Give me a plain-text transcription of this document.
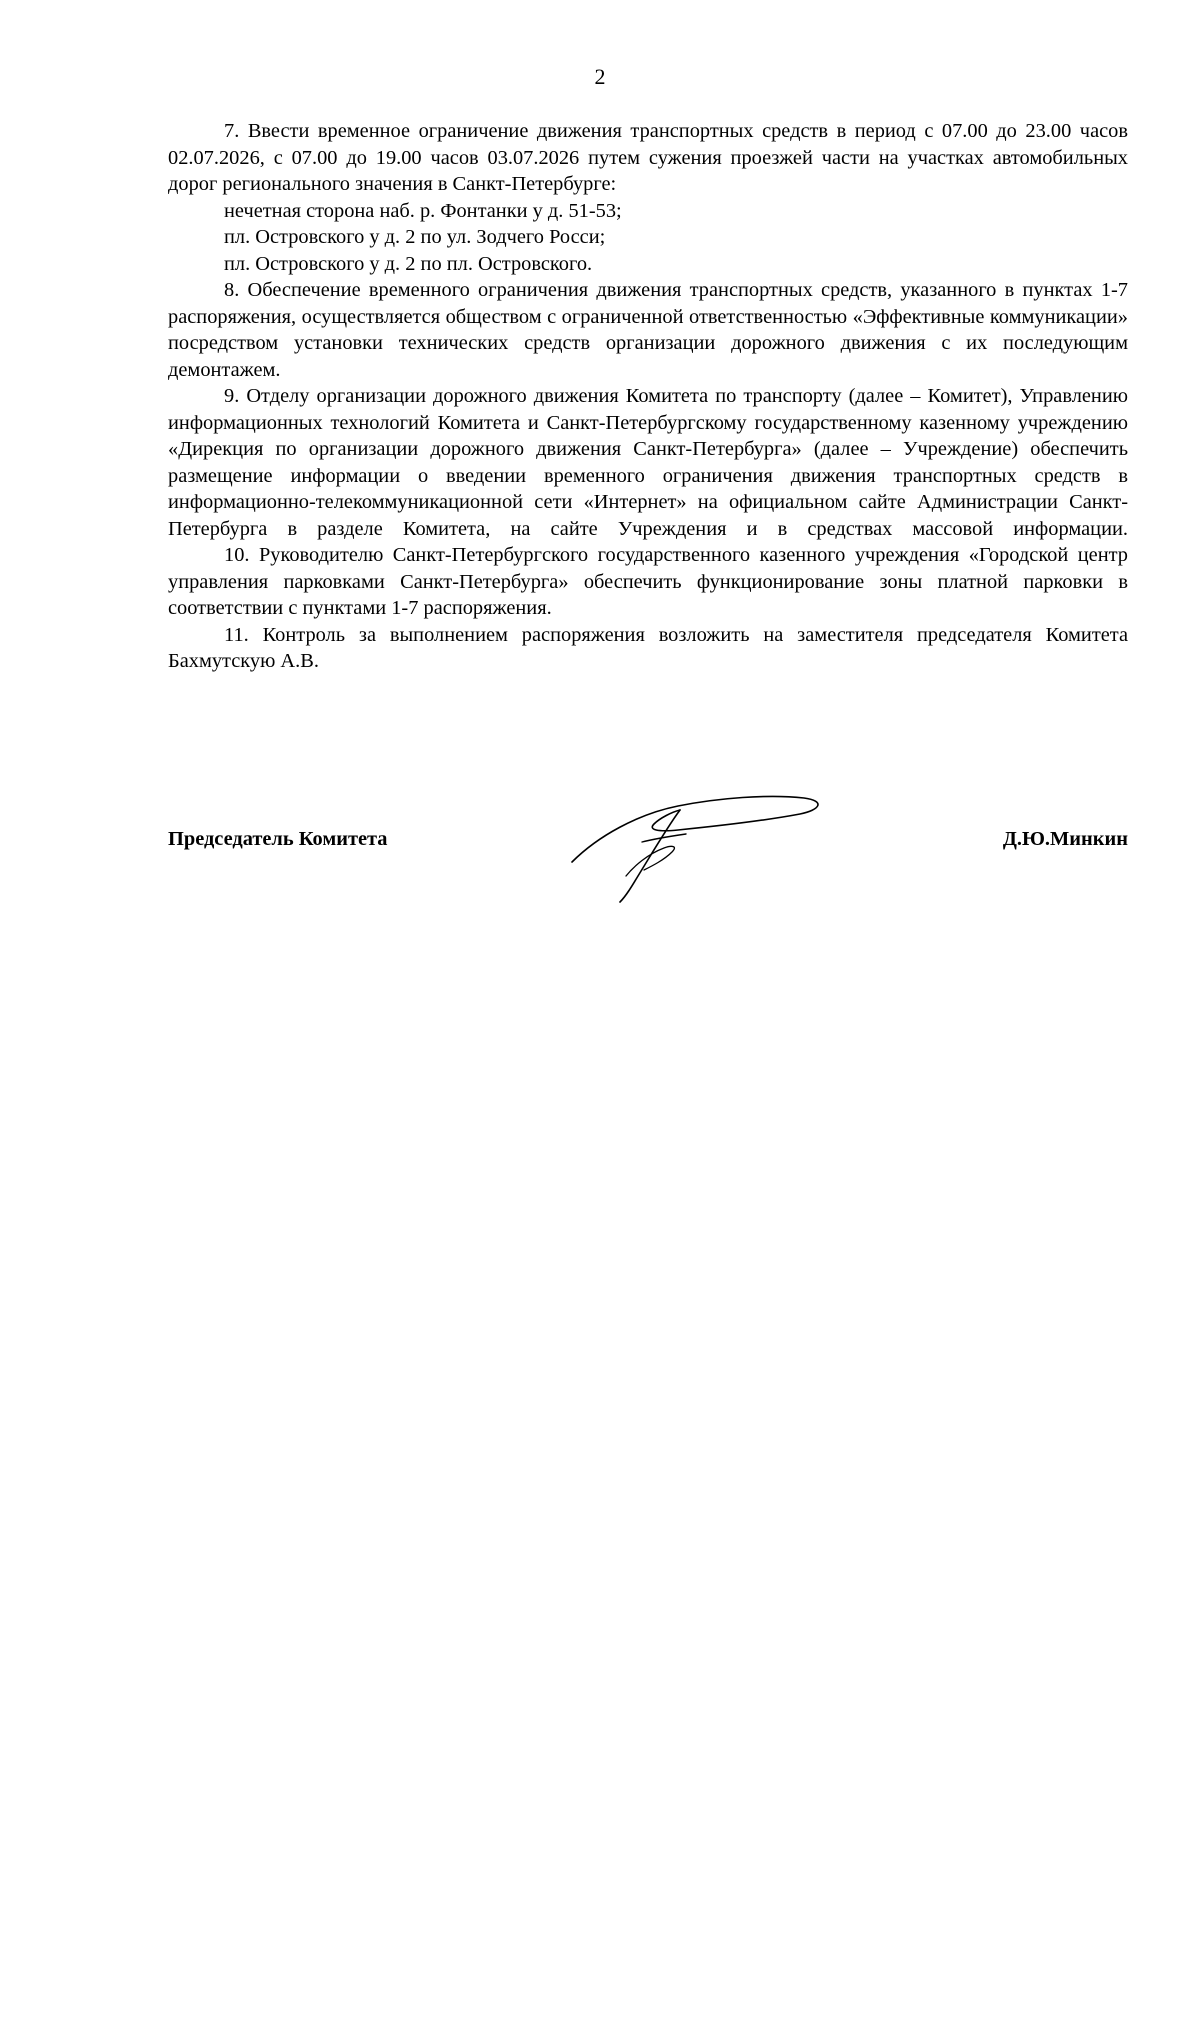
2

7. Ввести временное ограничение движения транспортных средств в период с 07.00 до 23.00 часов 02.07.2026, с 07.00 до 19.00 часов 03.07.2026 путем сужения проезжей части на участках автомобильных дорог регионального значения в Санкт-Петербурге:

нечетная сторона наб. р. Фонтанки у д. 51-53;

пл. Островского у д. 2 по ул. Зодчего Росси;

пл. Островского у д. 2 по пл. Островского.

8. Обеспечение временного ограничения движения транспортных средств, указанного в пунктах 1-7 распоряжения, осуществляется обществом с ограниченной ответственностью «Эффективные коммуникации» посредством установки технических средств организации дорожного движения с их последующим демонтажем.

9. Отделу организации дорожного движения Комитета по транспорту (далее – Комитет), Управлению информационных технологий Комитета и Санкт-Петербургскому государственному казенному учреждению «Дирекция по организации дорожного движения Санкт-Петербурга» (далее – Учреждение) обеспечить размещение информации о введении временного ограничения движения транспортных средств в информационно-телекоммуникационной сети «Интернет» на официальном сайте Администрации Санкт-Петербурга в разделе Комитета, на сайте Учреждения и в средствах массовой информации.

10. Руководителю Санкт-Петербургского государственного казенного учреждения «Городской центр управления парковками Санкт-Петербурга» обеспечить функционирование зоны платной парковки в соответствии с пунктами 1-7 распоряжения.

11. Контроль за выполнением распоряжения возложить на заместителя председателя Комитета Бахмутскую А.В.

Председатель Комитета	Д.Ю.Минкин
